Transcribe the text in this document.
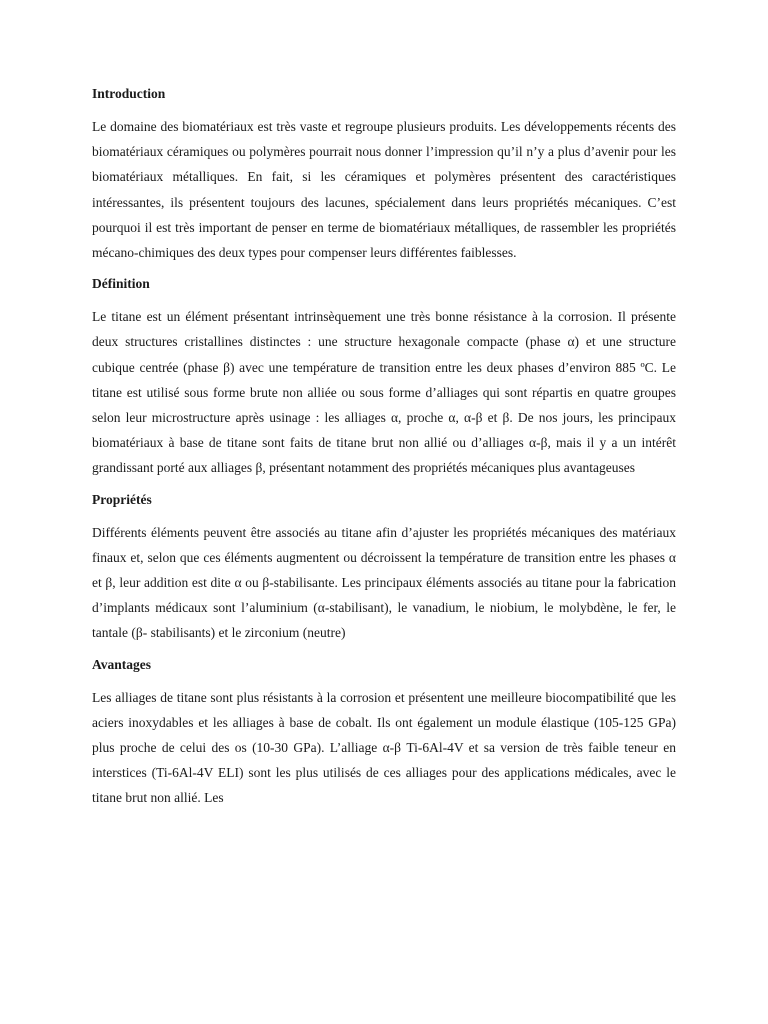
Introduction

Le domaine des biomatériaux est très vaste et regroupe plusieurs produits. Les développements récents des biomatériaux céramiques ou polymères pourrait nous donner l’impression qu’il n’y a plus d’avenir pour les biomatériaux métalliques. En fait, si les céramiques et polymères présentent des caractéristiques intéressantes, ils présentent toujours des lacunes, spécialement dans leurs propriétés mécaniques. C’est pourquoi il est très important de penser en terme de biomatériaux métalliques, de rassembler les propriétés mécano-chimiques des deux types pour compenser leurs différentes faiblesses.

Définition

Le titane est un élément présentant intrinsèquement une très bonne résistance à la corrosion. Il présente deux structures cristallines distinctes : une structure hexagonale compacte (phase α) et une structure cubique centrée (phase β) avec une température de transition entre les deux phases d’environ 885 ºC. Le titane est utilisé sous forme brute non alliée ou sous forme d’alliages qui sont répartis en quatre groupes selon leur microstructure après usinage : les alliages α, proche α, α-β et β. De nos jours, les principaux biomatériaux à base de titane sont faits de titane brut non allié ou d’alliages α-β, mais il y a un intérêt grandissant porté aux alliages β, présentant notamment des propriétés mécaniques plus avantageuses

Propriétés

Différents éléments peuvent être associés au titane afin d’ajuster les propriétés mécaniques des matériaux finaux et, selon que ces éléments augmentent ou décroissent la température de transition entre les phases α et β, leur addition est dite α ou β-stabilisante. Les principaux éléments associés au titane pour la fabrication d’implants médicaux sont l’aluminium (α-stabilisant), le vanadium, le niobium, le molybdène, le fer, le tantale (β- stabilisants) et le zirconium (neutre)

Avantages

Les alliages de titane sont plus résistants à la corrosion et présentent une meilleure biocompatibilité que les aciers inoxydables et les alliages à base de cobalt. Ils ont également un module élastique (105-125 GPa) plus proche de celui des os (10-30 GPa). L’alliage α-β Ti-6Al-4V et sa version de très faible teneur en interstices (Ti-6Al-4V ELI) sont les plus utilisés de ces alliages pour des applications médicales, avec le titane brut non allié. Les
